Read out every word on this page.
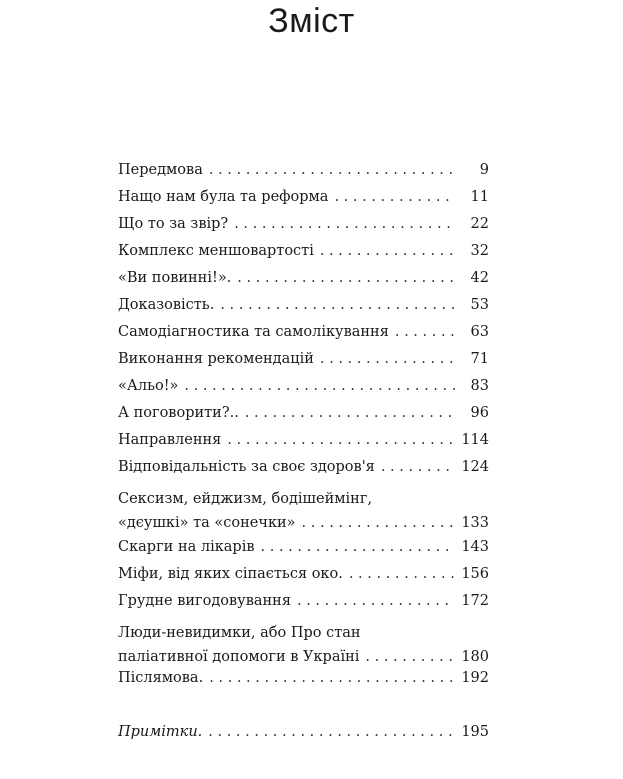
Зміст
Передмова . . .	9
Нащо нам була та реформа . . .	11
Що то за звір? . . .	22
Комплекс меншовартості . . .	32
«Ви повинні!». . . .	42
Доказовість. . . .	53
Самодіагностика та самолікування . . .	63
Виконання рекомендацій . . .	71
«Альо!» . . .	83
А поговорити?.. . . .	96
Направлення . . .	114
Відповідальність за своє здоров'я . . .	124
Сексизм, ейджизм, бодішеймінг,
«дєушкі» та «сонечки» . . .	133
Скарги на лікарів . . .	143
Міфи, від яких сіпається око. . . .	156
Грудне вигодовування . . .	172
Люди-невидимки, або Про стан
паліативної допомоги в Україні . . .	180
Післямова. . . .	192
Примітки. . . .	195
